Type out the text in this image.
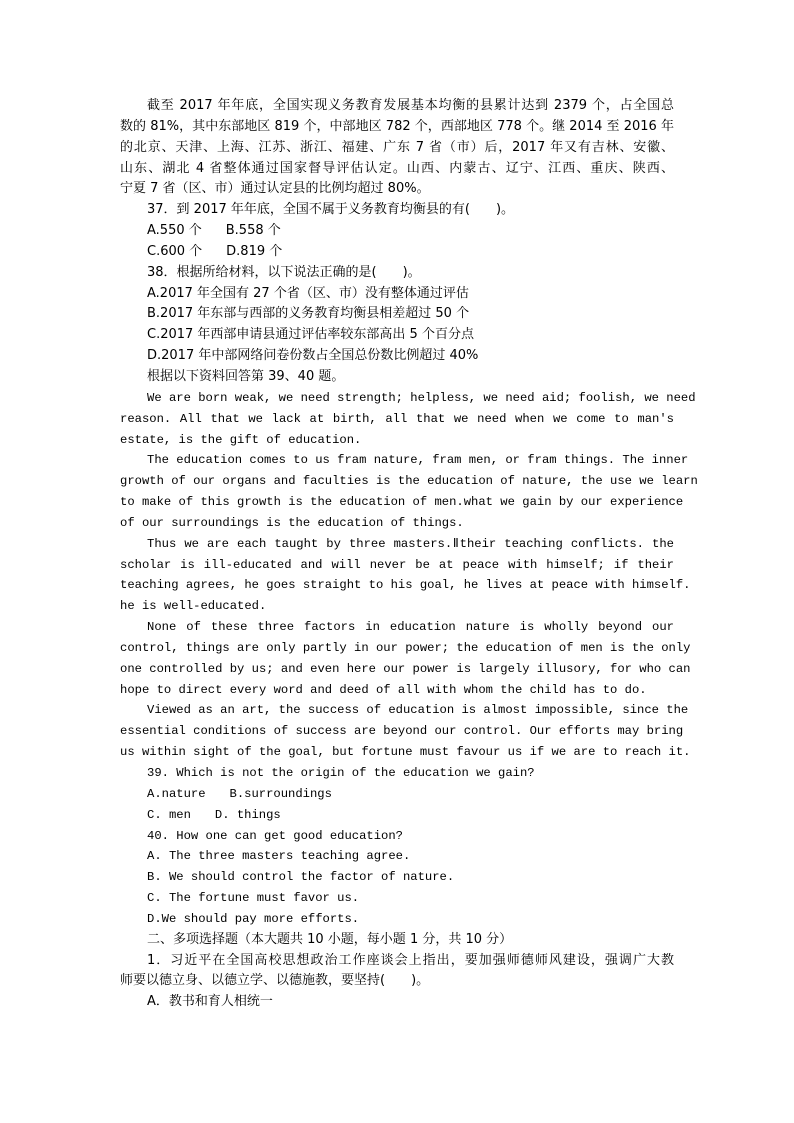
截至 2017 年年底，全国实现义务教育发展基本均衡的县累计达到 2379 个，占全国总
数的 81%，其中东部地区 819 个，中部地区 782 个，西部地区 778 个。继 2014 至 2016 年
的北京、天津、上海、江苏、浙江、福建、广东 7 省（市）后，2017 年又有吉林、安徽、
山东、湖北 4 省整体通过国家督导评估认定。山西、内蒙古、辽宁、江西、重庆、陕西、
宁夏 7 省（区、市）通过认定县的比例均超过 80%。
37．到 2017 年年底，全国不属于义务教育均衡县的有(　　)。
A.550 个 B.558 个
C.600 个 D.819 个
38．根据所给材料，以下说法正确的是(　　)。
A.2017 年全国有 27 个省（区、市）没有整体通过评估
B.2017 年东部与西部的义务教育均衡县相差超过 50 个
C.2017 年西部申请县通过评估率较东部高出 5 个百分点
D.2017 年中部网络问卷份数占全国总份数比例超过 40%
根据以下资料回答第 39、40 题。
We are born weak, we need strength; helpless, we need aid; foolish, we need
reason. All that we lack at birth, all that we need when we come to man's
estate, is the gift of education.
The education comes to us fram nature, fram men, or fram things. The inner
growth of our organs and faculties is the education of nature, the use we learn
to make of this growth is the education of men.what we gain by our experience
of our surroundings is the education of things.
Thus we are each taught by three masters.Ⅱtheir teaching conflicts. the
scholar is ill-educated and will never be at peace with himself; if their
teaching agrees, he goes straight to his goal, he lives at peace with himself.
he is well-educated.
None of these three factors in education nature is wholly beyond our
control, things are only partly in our power; the education of men is the only
one controlled by us; and even here our power is largely illusory, for who can
hope to direct every word and deed of all with whom the child has to do.
Viewed as an art, the success of education is almost impossible, since the
essential conditions of success are beyond our control. Our efforts may bring
us within sight of the goal, but fortune must favour us if we are to reach it.
39. Which is not the origin of the education we gain?
A.nature B.surroundings
C. men D. things
40. How one can get good education?
A. The three masters teaching agree.
B. We should control the factor of nature.
C. The fortune must favor us.
D.We should pay more efforts.
二、多项选择题（本大题共 10 小题，每小题 1 分，共 10 分）
1．习近平在全国高校思想政治工作座谈会上指出，要加强师德师风建设，强调广大教
师要以德立身、以德立学、以德施教，要坚持(　　)。
A．教书和育人相统一
